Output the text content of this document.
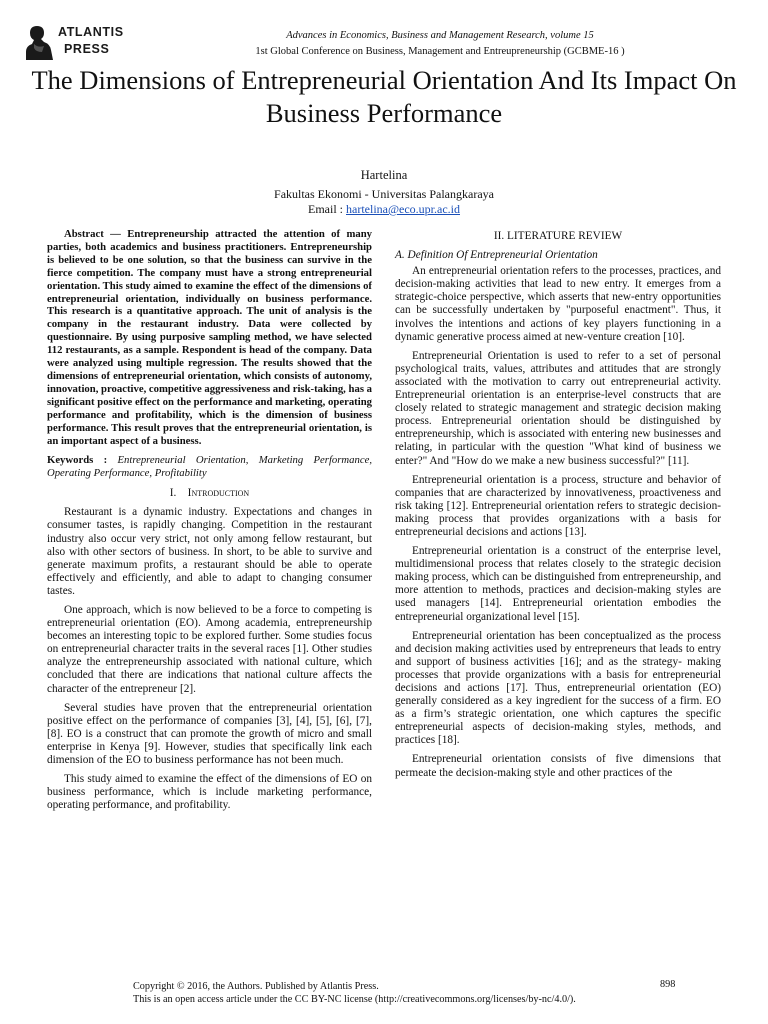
ATLANTIS
PRESS
Advances in Economics, Business and Management Research, volume 15
1st Global Conference on Business, Management and Entreupreneurship (GCBME-16 )
The Dimensions of Entrepreneurial Orientation And Its Impact On Business Performance
Hartelina
Fakultas Ekonomi - Universitas Palangkaraya
Email : hartelina@eco.upr.ac.id

Abstract — Entrepreneurship attracted the attention of many parties, both academics and business practitioners. Entrepreneurship is believed to be one solution, so that the business can survive in the fierce competition. The company must have a strong entrepreneurial orientation. This study aimed to examine the effect of the dimensions of entrepreneurial orientation, individually on business performance. This research is a quantitative approach. The unit of analysis is the company in the restaurant industry. Data were collected by questionnaire. By using purposive sampling method, we have selected 112 restaurants, as a sample. Respondent is head of the company. Data were analyzed using multiple regression. The results showed that the dimensions of entrepreneurial orientation, which consists of autonomy, innovation, proactive, competitive aggressiveness and risk-taking, has a significant positive effect on the performance and marketing, operating performance and profitability, which is the dimension of business performance. This result proves that the entrepreneurial orientation, is an important aspect of a business.

Keywords : Entrepreneurial Orientation, Marketing Performance, Operating Performance, Profitability

I. Introduction

Restaurant is a dynamic industry. Expectations and changes in consumer tastes, is rapidly changing. Competition in the restaurant industry also occur very strict, not only among fellow restaurant, but also with other sectors of business. In short, to be able to survive and generate maximum profits, a restaurant should be able to operate effectively and efficiently, and able to adapt to changing consumer tastes.

One approach, which is now believed to be a force to competing is entrepreneurial orientation (EO). Among academia, entrepreneurship becomes an interesting topic to be explored further. Some studies focus on entrepreneurial character traits in the several races [1]. Other studies analyze the entrepreneurship associated with national culture, which concluded that there are indications that national culture affects the character of the entrepreneur [2].

Several studies have proven that the entrepreneurial orientation positive effect on the performance of companies [3], [4], [5], [6], [7], [8]. EO is a construct that can promote the growth of micro and small enterprise in Kenya [9]. However, studies that specifically link each dimension of the EO to business performance has not been much.

This study aimed to examine the effect of the dimensions of EO on business performance, which is include marketing performance, operating performance, and profitability.

II. LITERATURE REVIEW
A. Definition Of Entrepreneurial Orientation

An entrepreneurial orientation refers to the processes, practices, and decision-making activities that lead to new entry. It emerges from a strategic-choice perspective, which asserts that new-entry opportunities can be successfully undertaken by "purposeful enactment". Thus, it involves the intentions and actions of key players functioning in a dynamic generative process aimed at new-venture creation [10].

Entrepreneurial Orientation is used to refer to a set of personal psychological traits, values, attributes and attitudes that are strongly associated with the motivation to carry out entrepreneurial activity. Entrepreneurial orientation is an enterprise-level constructs that are closely related to strategic management and strategic decision making process. Entrepreneurial orientation should be distinguished by entrepreneurship, which is associated with entering new businesses and relating, in particular with the question "What kind of business we enter?" And "How do we make a new business successful?" [11].

Entrepreneurial orientation is a process, structure and behavior of companies that are characterized by innovativeness, proactiveness and risk taking [12]. Entrepreneurial orientation refers to strategic decision-making process that provides organizations with a basis for entrepreneurial decisions and actions [13].

Entrepreneurial orientation is a construct of the enterprise level, multidimensional process that relates closely to the strategic decision making process, which can be distinguished from entrepreneurship, and more attention to methods, practices and decision-making styles are used managers [14]. Entrepreneurial orientation embodies the entrepreneurial organizational level [15].

Entrepreneurial orientation has been conceptualized as the process and decision making activities used by entrepreneurs that leads to entry and support of business activities [16]; and as the strategy- making processes that provide organizations with a basis for entrepreneurial decisions and actions [17]. Thus, entrepreneurial orientation (EO) generally considered as a key ingredient for the success of a firm. EO as a firm’s strategic orientation, one which captures the specific entrepreneurial aspects of decision-making styles, methods, and practices [18].

Entrepreneurial orientation consists of five dimensions that permeate the decision-making style and other practices of the

Copyright © 2016, the Authors. Published by Atlantis Press.
This is an open access article under the CC BY-NC license (http://creativecommons.org/licenses/by-nc/4.0/).
898
